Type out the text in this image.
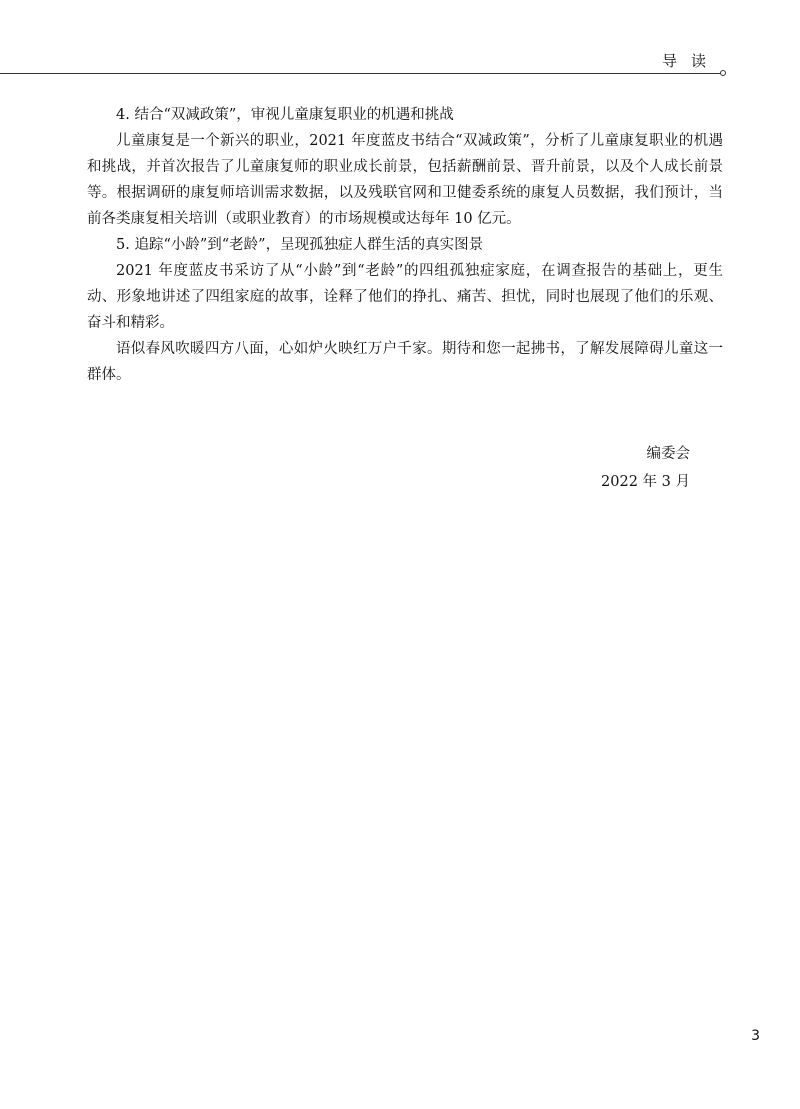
导读

4. 结合“双减政策”，审视儿童康复职业的机遇和挑战

儿童康复是一个新兴的职业，2021 年度蓝皮书结合“双减政策”，分析了儿童康复职业的机遇和挑战，并首次报告了儿童康复师的职业成长前景，包括薪酬前景、晋升前景，以及个人成长前景等。根据调研的康复师培训需求数据，以及残联官网和卫健委系统的康复人员数据，我们预计，当前各类康复相关培训（或职业教育）的市场规模或达每年 10 亿元。

5. 追踪“小龄”到“老龄”，呈现孤独症人群生活的真实图景

2021 年度蓝皮书采访了从“小龄”到“老龄”的四组孤独症家庭，在调查报告的基础上，更生动、形象地讲述了四组家庭的故事，诠释了他们的挣扎、痛苦、担忧，同时也展现了他们的乐观、奋斗和精彩。

语似春风吹暖四方八面，心如炉火映红万户千家。期待和您一起拂书，了解发展障碍儿童这一群体。

编委会
2022 年 3 月
3
